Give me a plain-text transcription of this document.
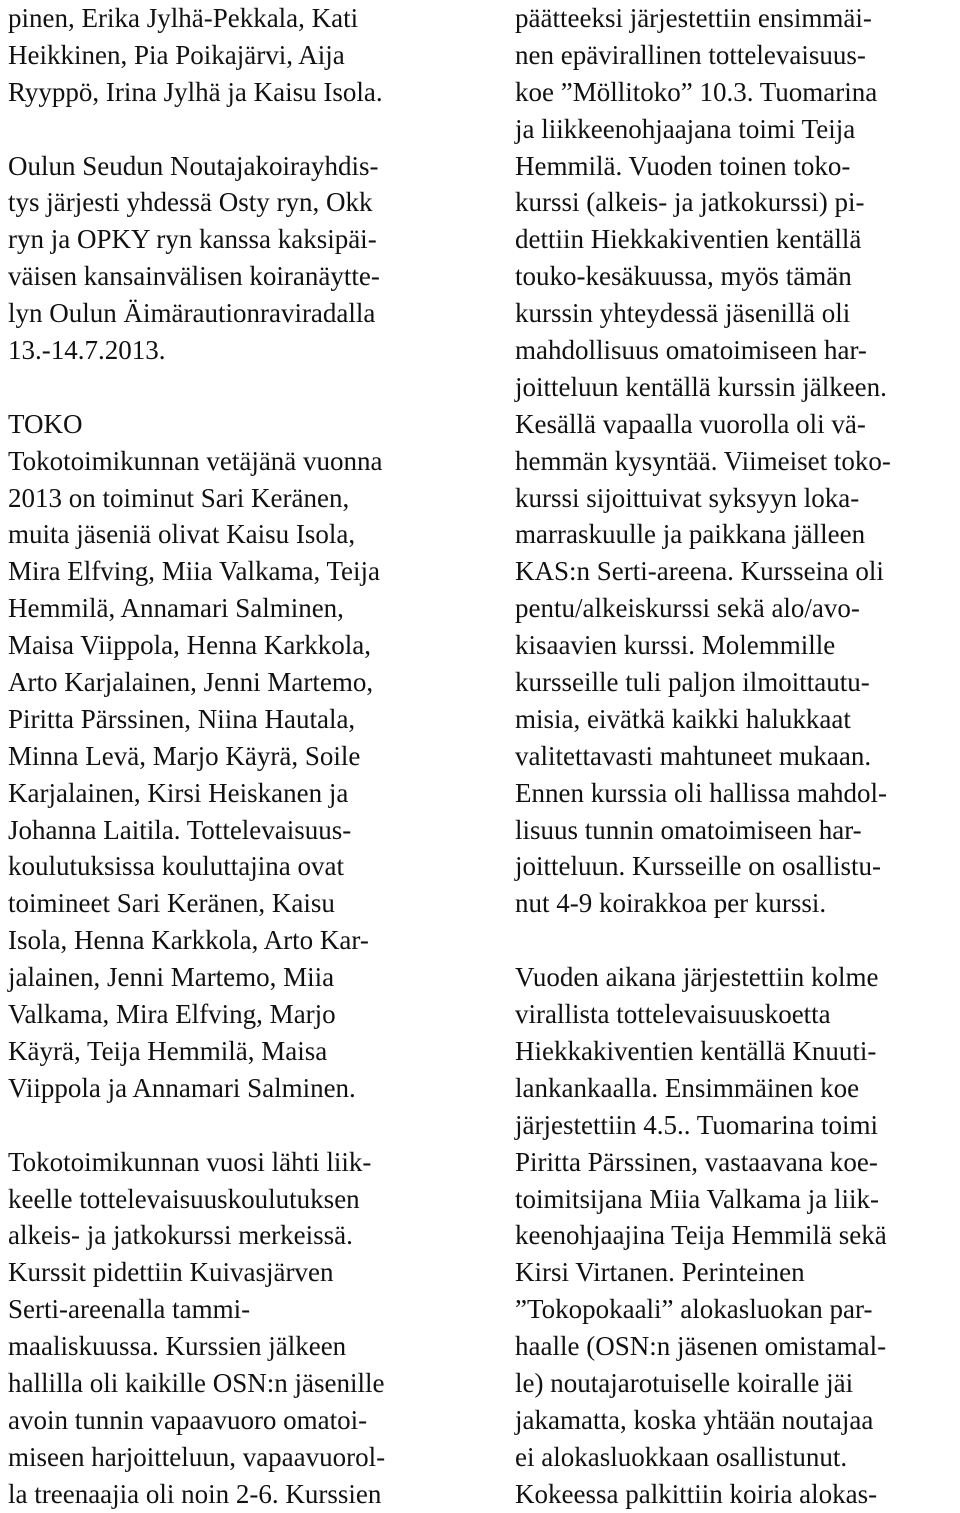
pinen, Erika Jylhä-Pekkala, Kati
Heikkinen, Pia Poikajärvi, Aija
Ryyppö, Irina Jylhä ja Kaisu Isola.
Oulun Seudun Noutajakoirayhdis-
tys järjesti yhdessä Osty ryn, Okk
ryn ja OPKY ryn kanssa kaksipäi-
väisen kansainvälisen koiranäytte-
lyn Oulun Äimärautionraviradalla
13.-14.7.2013.
TOKO
Tokotoimikunnan vetäjänä vuonna
2013 on toiminut Sari Keränen,
muita jäseniä olivat Kaisu Isola,
Mira Elfving, Miia Valkama, Teija
Hemmilä, Annamari Salminen,
Maisa Viippola, Henna Karkkola,
Arto Karjalainen, Jenni Martemo,
Piritta Pärssinen, Niina Hautala,
Minna Levä, Marjo Käyrä, Soile
Karjalainen, Kirsi Heiskanen ja
Johanna Laitila. Tottelevaisuus-
koulutuksissa kouluttajina ovat
toimineet Sari Keränen, Kaisu
Isola, Henna Karkkola, Arto Kar-
jalainen, Jenni Martemo, Miia
Valkama, Mira Elfving, Marjo
Käyrä, Teija Hemmilä, Maisa
Viippola ja Annamari Salminen.
Tokotoimikunnan vuosi lähti liik-
keelle tottelevaisuuskoulutuksen
alkeis- ja jatkokurssi merkeissä.
Kurssit pidettiin Kuivasjärven
Serti-areenalla tammi-
maaliskuussa. Kurssien jälkeen
hallilla oli kaikille OSN:n jäsenille
avoin tunnin vapaavuoro omatoi-
miseen harjoitteluun, vapaavuorol-
la treenaajia oli noin 2-6. Kurssien
päätteeksi järjestettiin ensimmäi-
nen epävirallinen tottelevaisuus-
koe ”Möllitoko” 10.3. Tuomarina
ja liikkeenohjaajana toimi Teija
Hemmilä. Vuoden toinen toko-
kurssi (alkeis- ja jatkokurssi) pi-
dettiin Hiekkakiventien kentällä
touko-kesäkuussa, myös tämän
kurssin yhteydessä jäsenillä oli
mahdollisuus omatoimiseen har-
joitteluun kentällä kurssin jälkeen.
Kesällä vapaalla vuorolla oli vä-
hemmän kysyntää. Viimeiset toko-
kurssi sijoittuivat syksyyn loka-
marraskuulle ja paikkana jälleen
KAS:n Serti-areena. Kursseina oli
pentu/alkeiskurssi sekä alo/avo-
kisaavien kurssi. Molemmille
kursseille tuli paljon ilmoittautu-
misia, eivätkä kaikki halukkaat
valitettavasti mahtuneet mukaan.
Ennen kurssia oli hallissa mahdol-
lisuus tunnin omatoimiseen har-
joitteluun. Kursseille on osallistu-
nut 4-9 koirakkoa per kurssi.
Vuoden aikana järjestettiin kolme
virallista tottelevaisuuskoetta
Hiekkakiventien kentällä Knuuti-
lankankaalla. Ensimmäinen koe
järjestettiin 4.5.. Tuomarina toimi
Piritta Pärssinen, vastaavana koe-
toimitsijana Miia Valkama ja liik-
keenohjaajina Teija Hemmilä sekä
Kirsi Virtanen. Perinteinen
”Tokopokaali” alokasluokan par-
haalle (OSN:n jäsenen omistamal-
le) noutajarotuiselle koiralle jäi
jakamatta, koska yhtään noutajaa
ei alokasluokkaan osallistunut.
Kokeessa palkittiin koiria alokas-
